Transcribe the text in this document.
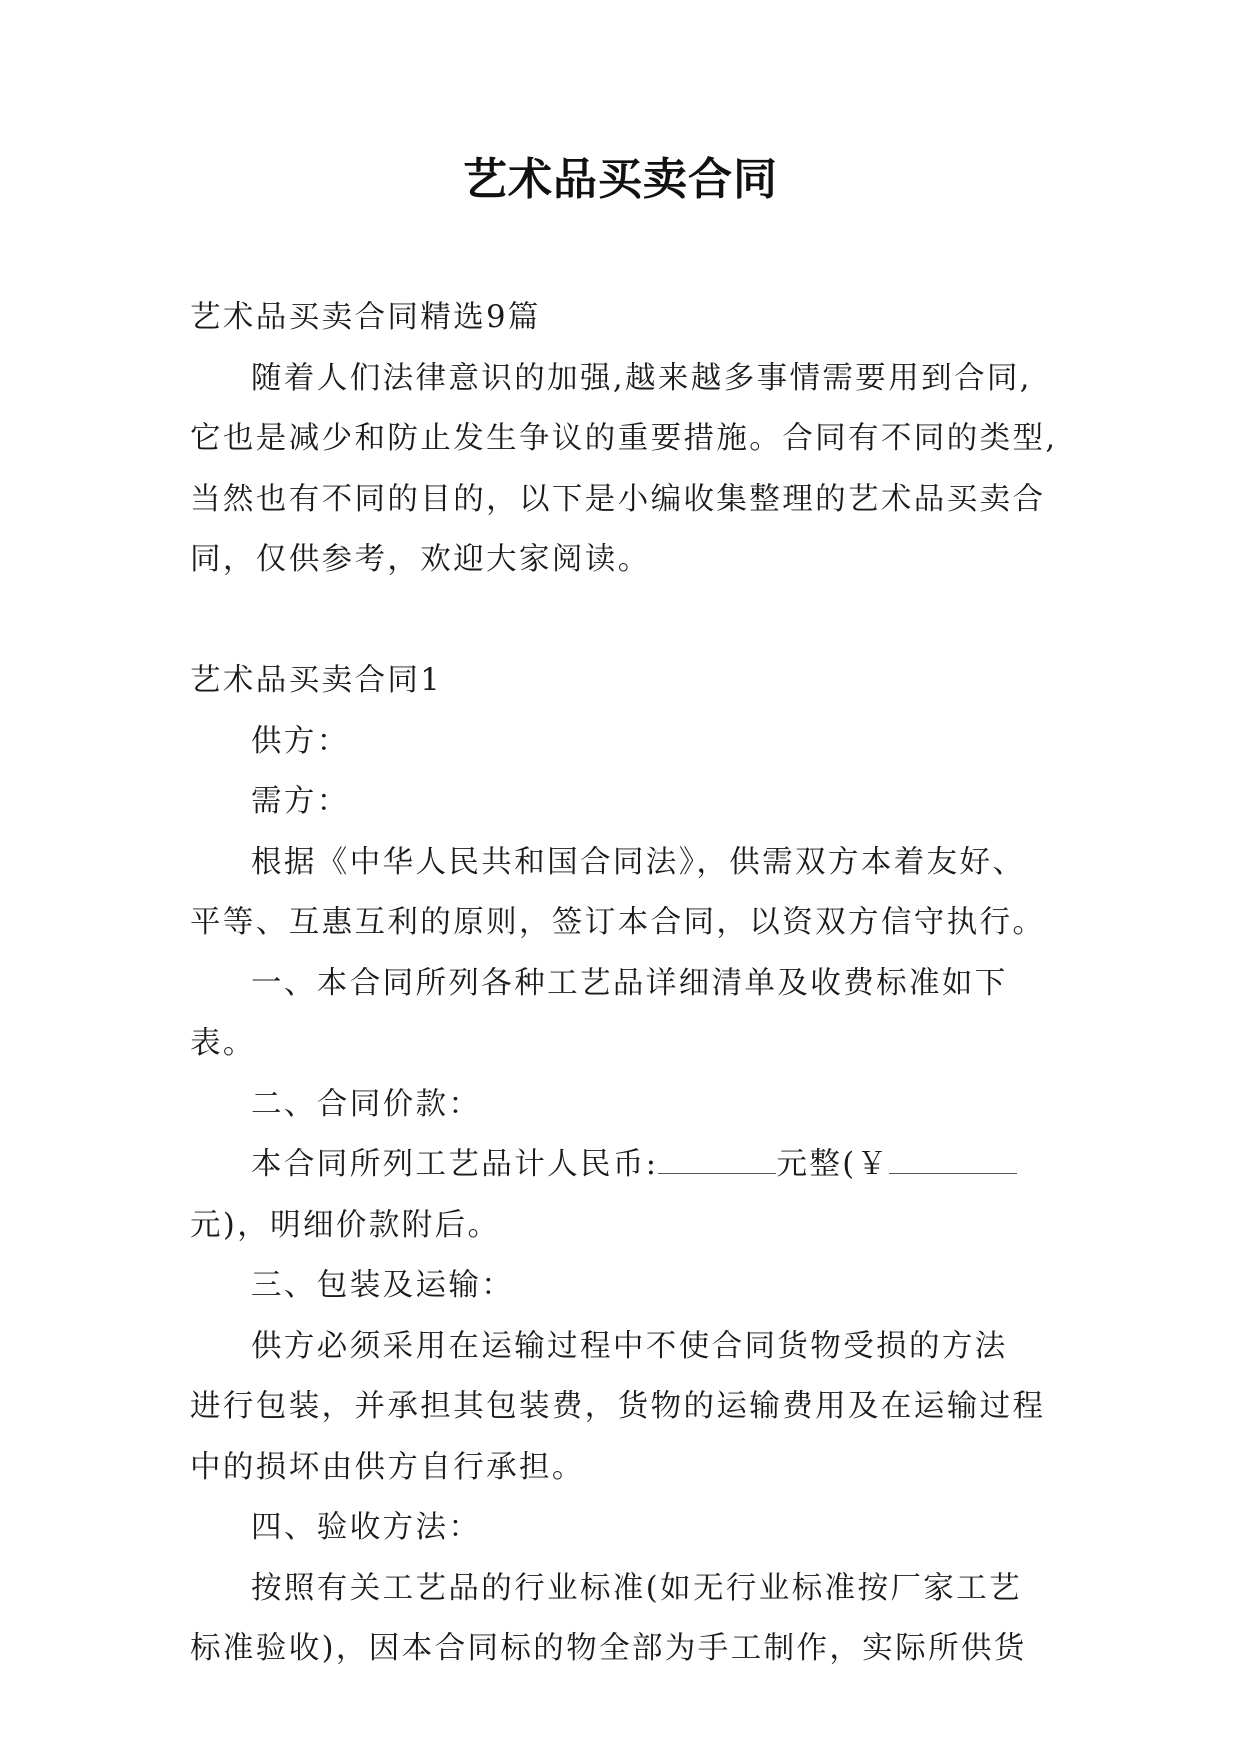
艺术品买卖合同

艺术品买卖合同精选9篇

随着人们法律意识的加强,越来越多事情需要用到合同,
它也是减少和防止发生争议的重要措施。合同有不同的类型,
当然也有不同的目的，以下是小编收集整理的艺术品买卖合
同，仅供参考，欢迎大家阅读。

艺术品买卖合同1

供方：

需方：

根据《中华人民共和国合同法》，供需双方本着友好、
平等、互惠互利的原则，签订本合同，以资双方信守执行。

一、本合同所列各种工艺品详细清单及收费标准如下表。

二、合同价款：

本合同所列工艺品计人民币:	元整(￥
元)，明细价款附后。

三、包装及运输：

供方必须采用在运输过程中不使合同货物受损的方法
进行包装，并承担其包装费，货物的运输费用及在运输过程
中的损坏由供方自行承担。

四、验收方法：

按照有关工艺品的行业标准(如无行业标准按厂家工艺
标准验收)，因本合同标的物全部为手工制作，实际所供货
